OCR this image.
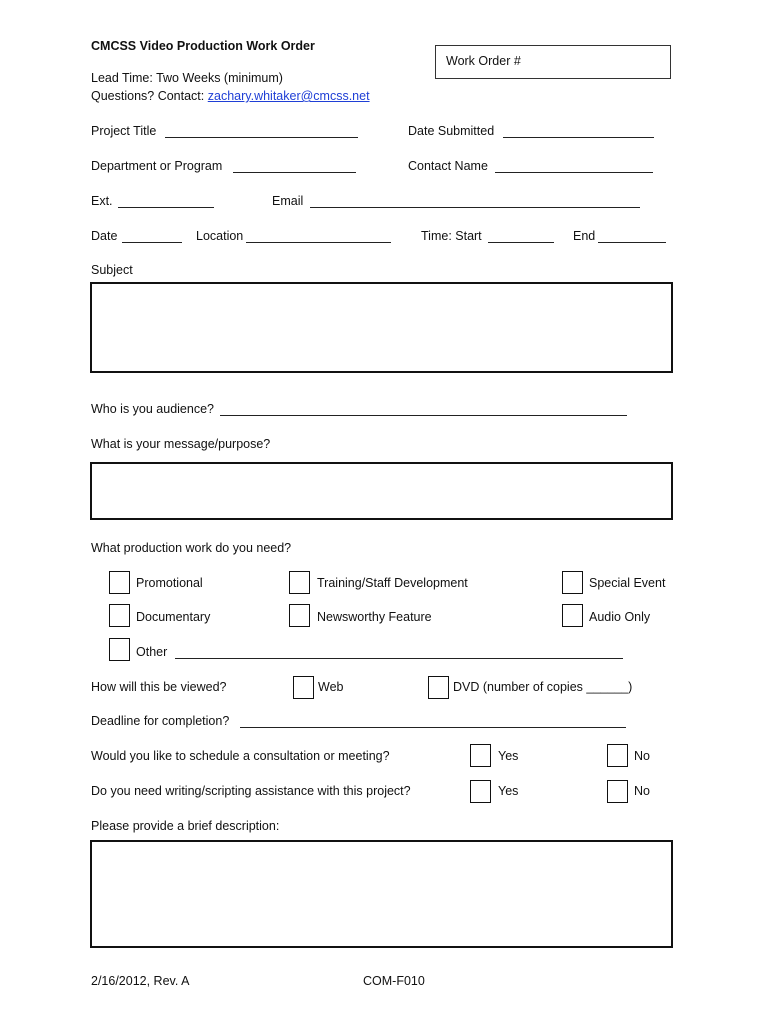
CMCSS Video Production Work Order
Work Order #
Lead Time: Two Weeks (minimum)
Questions? Contact: zachary.whitaker@cmcss.net
Project Title	Date Submitted
Department or Program	Contact Name
Ext.	Email
Date	Location	Time: Start	End
Subject
Who is you audience?
What is your message/purpose?
What production work do you need?
Promotional	Training/Staff Development	Special Event
Documentary	Newsworthy Feature	Audio Only
Other
How will this be viewed?	Web	DVD (number of copies ______)
Deadline for completion?
Would you like to schedule a consultation or meeting?	Yes	No
Do you need writing/scripting assistance with this project?	Yes	No
Please provide a brief description:
2/16/2012, Rev. A	COM-F010
